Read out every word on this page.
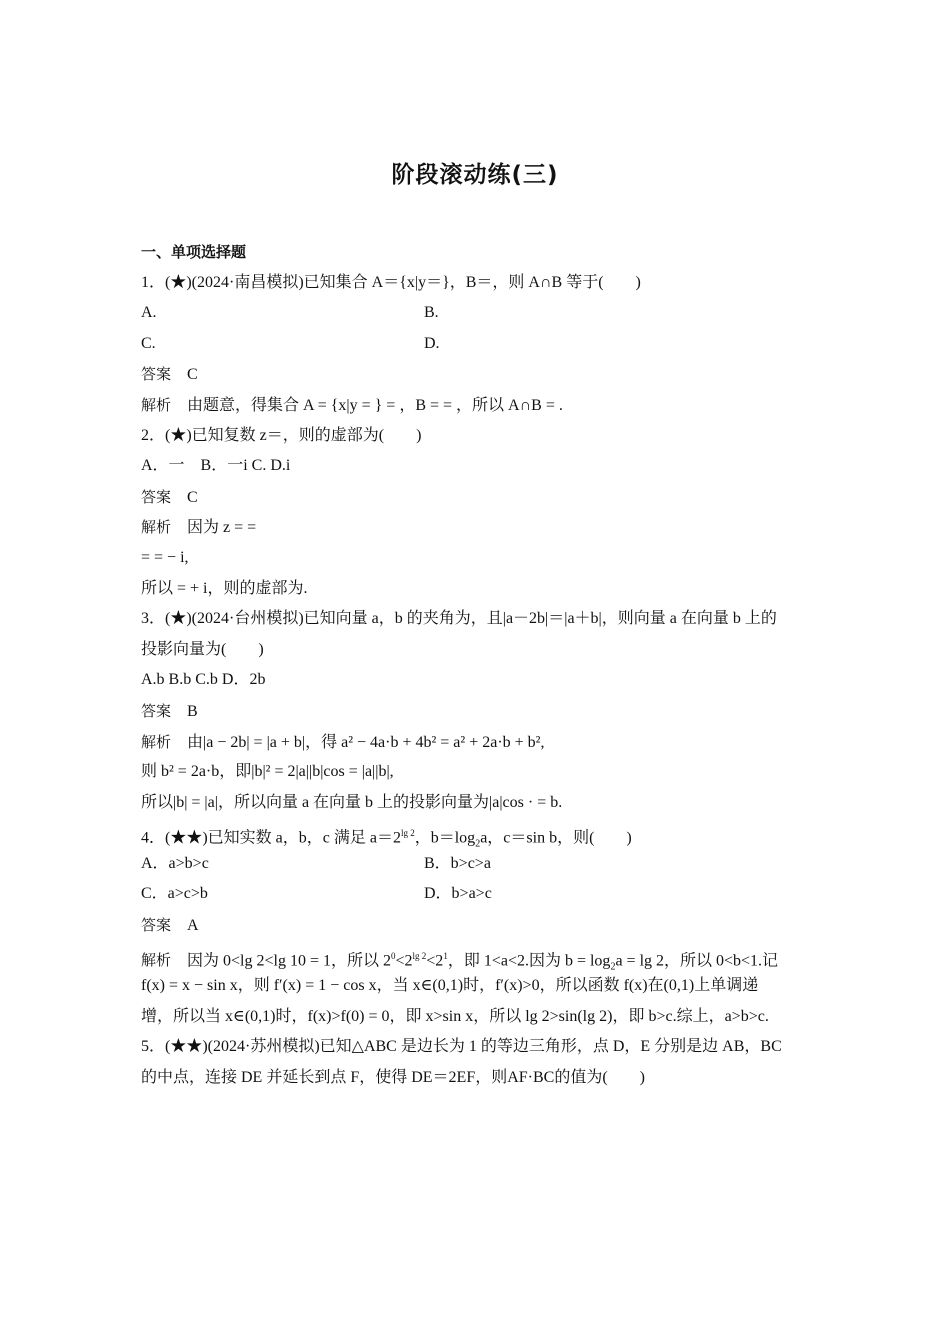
阶段滚动练(三)
一、单项选择题
1．(★)(2024·南昌模拟)已知集合 A＝{x|y＝}，B＝，则 A∩B 等于(　　)
A.	B.
C.	D.
答案 C
解析 由题意，得集合 A = {x|y = } = ，B = = ，所以 A∩B = .
2．(★)已知复数 z＝，则的虚部为(　　)
A．一　B．一i C. D.i
答案 C
解析 因为 z = =
= = − i,
所以 = + i，则的虚部为.
3．(★)(2024·台州模拟)已知向量 a，b 的夹角为，且|a－2b|＝|a＋b|，则向量 a 在向量 b 上的
投影向量为(　　)
A.b B.b C.b D．2b
答案 B
解析 由|a − 2b| = |a + b|，得 a² − 4a·b + 4b² = a² + 2a·b + b²,
则 b² = 2a·b，即|b|² = 2|a||b|cos = |a||b|,
所以|b| = |a|，所以向量 a 在向量 b 上的投影向量为|a|cos · = b.
4．(★★)已知实数 a，b，c 满足 $a=2^{lg 2}$，$b=\log_2a$，c＝sin b，则(　　)
A．a>b>c	B．b>c>a
C．a>c>b	D．b>a>c
答案 A
解析 因为 0<lg 2<lg 10 = 1，所以 $2^0<2^{lg 2}<2^1$，即 1<a<2.因为 $b = \log_2a = \lg 2$，所以 0<b<1.记
f(x) = x − sin x，则 f′(x) = 1 − cos x，当 x∈(0,1)时，f′(x)>0，所以函数 f(x)在(0,1)上单调递
增，所以当 x∈(0,1)时，f(x)>f(0) = 0，即 x>sin x，所以 lg 2>sin(lg 2)，即 b>c.综上，a>b>c.
5．(★★)(2024·苏州模拟)已知△ABC 是边长为 1 的等边三角形，点 D，E 分别是边 AB，BC
的中点，连接 DE 并延长到点 F，使得 DE＝2EF，则AF·BC的值为(　　)
